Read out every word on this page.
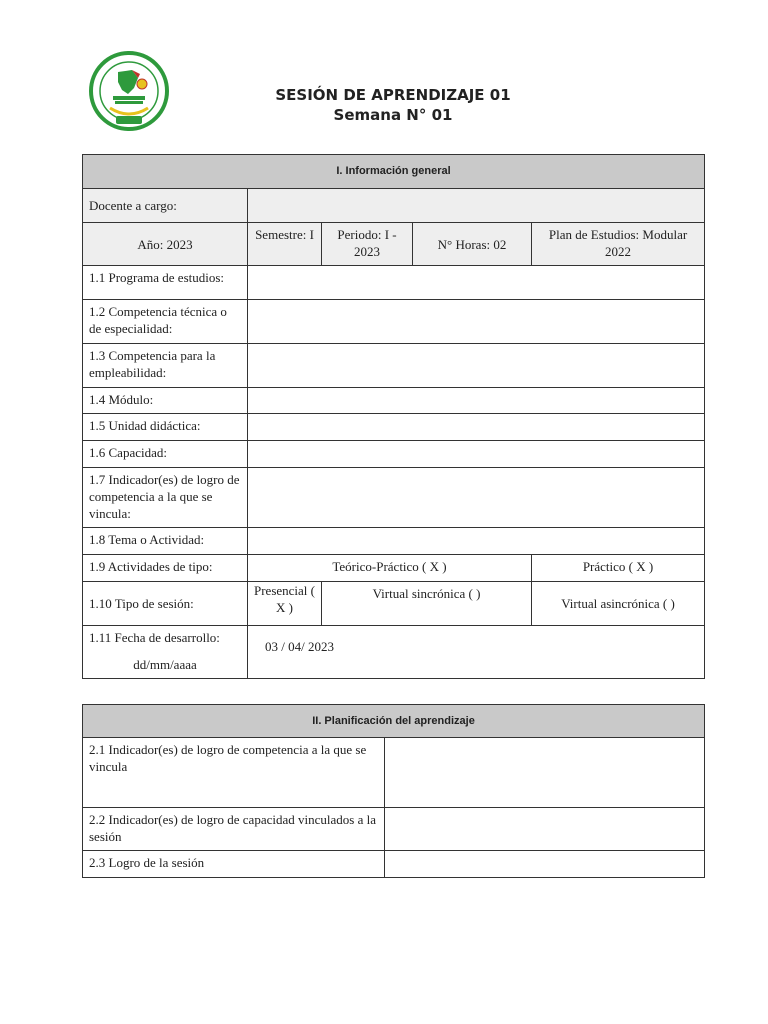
SESIÓN DE APRENDIZAJE 01
Semana N° 01
I. Información general				
Docente a cargo:				
Año: 2023	Semestre: I	Periodo: I - 2023	N° Horas: 02	Plan de Estudios: Modular 2022
1.1 Programa de estudios:				
1.2 Competencia técnica o de especialidad:				
1.3 Competencia para la empleabilidad:				
1.4 Módulo:				
1.5 Unidad didáctica:				
1.6 Capacidad:				
1.7 Indicador(es) de logro de competencia a la que se vincula:				
1.8 Tema o Actividad:				
1.9 Actividades de tipo:	Teórico-Práctico ( X )			Práctico ( X )
1.10 Tipo de sesión:	Presencial ( X )	Virtual sincrónica ( )		Virtual asincrónica ( )
1.11 Fecha de desarrollo:
dd/mm/aaaa	03 / 04/ 2023			
II. Planificación del aprendizaje	
2.1 Indicador(es) de logro de competencia a la que se vincula	
2.2 Indicador(es) de logro de capacidad vinculados a la sesión	
2.3 Logro de la sesión	
